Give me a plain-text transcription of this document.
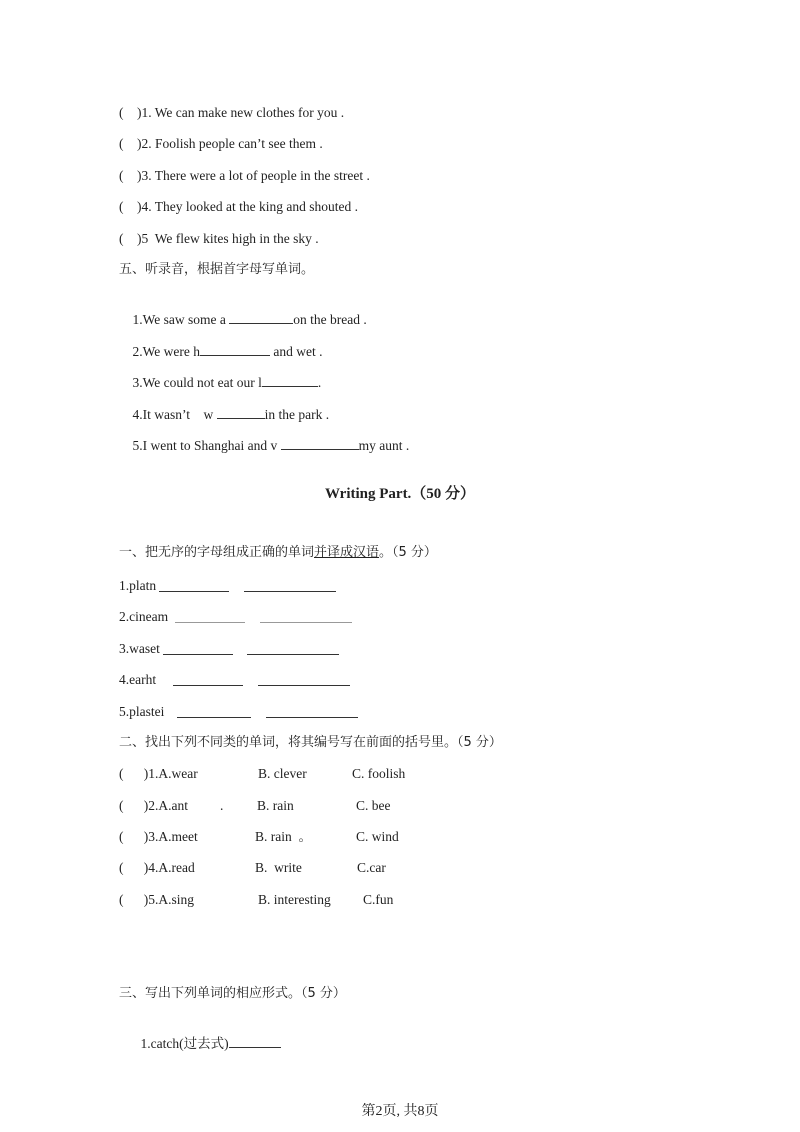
(    )1. We can make new clothes for you .
(    )2. Foolish people can’t see them .
(    )3. There were a lot of people in the street .
(    )4. They looked at the king and shouted .
(    )5  We flew kites high in the sky .
五、听录音，根据首字母写单词。

1.We saw some a	on the bread .

2.We were h	and wet .

3.We could not eat our l	.

4.It wasn’t    w	in the park .

5.I went to Shanghai and v	my aunt .

Writing Part.（50 分）
一、把无序的字母组成正确的单词并译成汉语。（5 分）
1.platn
2.cineam
3.waset
4.earht
5.plastei
二、找出下列不同类的单词，将其编号写在前面的括号里。（5 分）
(      )1.A.wear	B. clever	C. foolish
(      )2.A.ant . B. rain	C. bee
(      )3.A.meet	B. rain  。	C. wind
(      )4.A.read	B.  write	C.car
(      )5.A.sing	B. interesting C.fun
三、写出下列单词的相应形式。（5 分）

1.catch(过去式)

第2页, 共8页
